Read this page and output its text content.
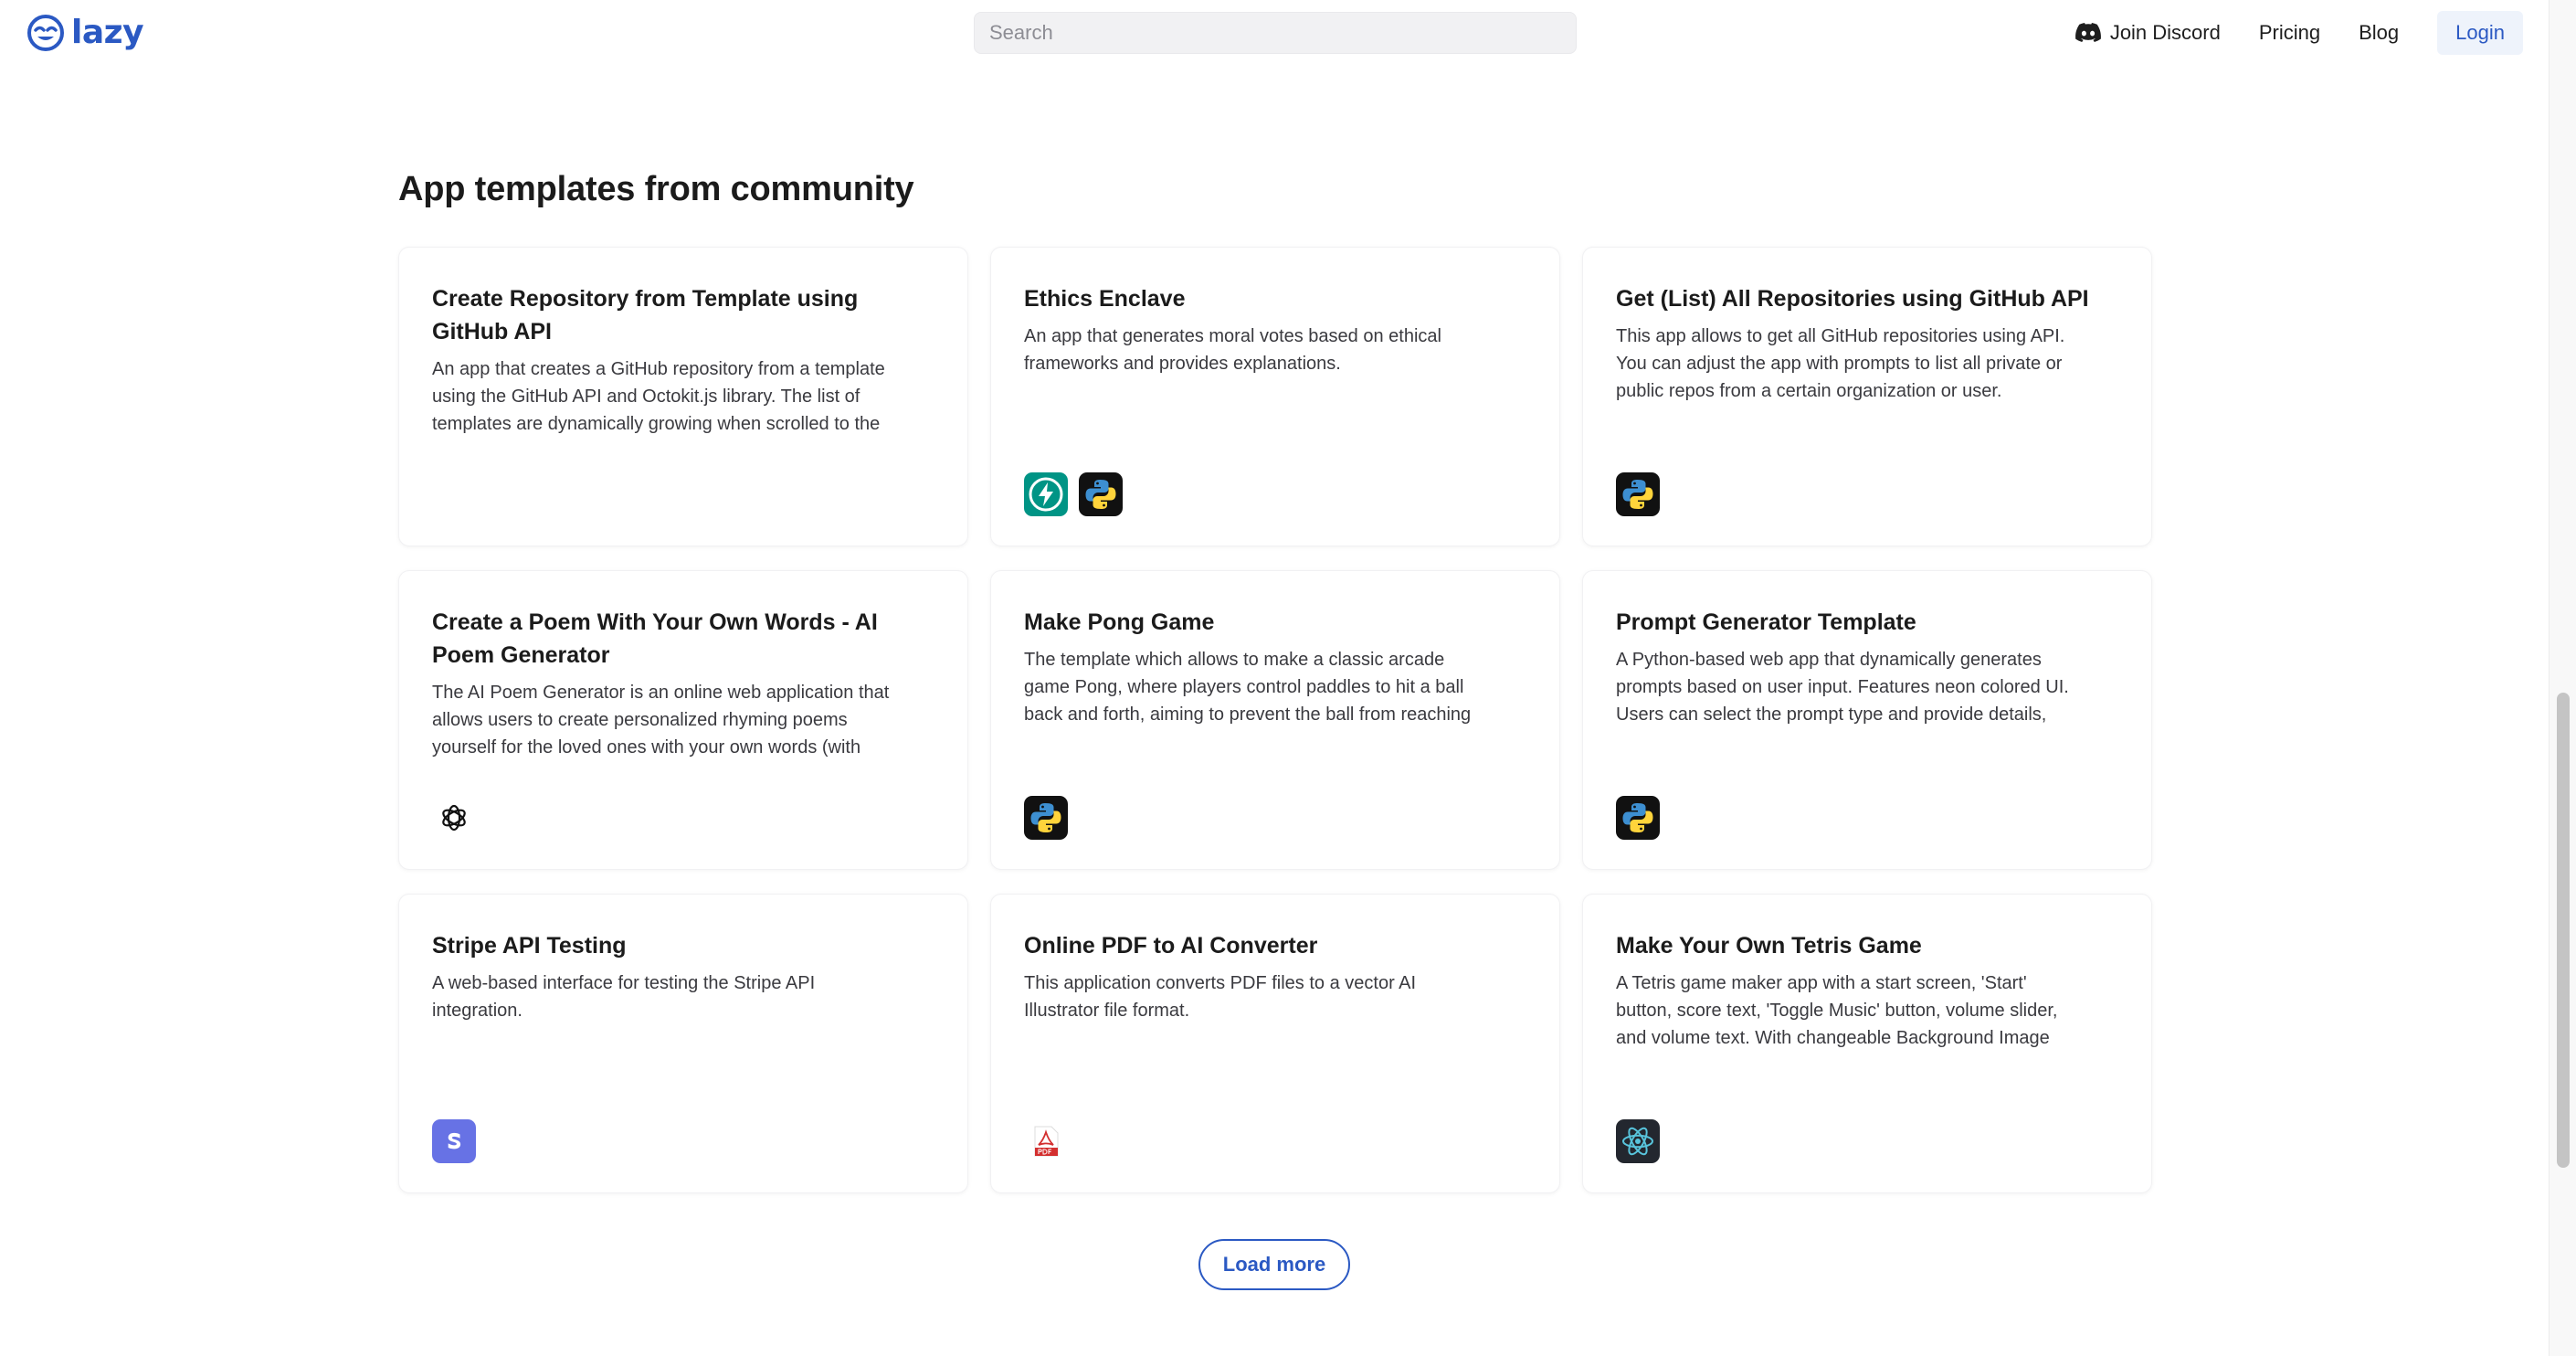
lazy
Search	Join Discord Pricing Blog	Login
App templates from community
Create Repository from Template using GitHub API

An app that creates a GitHub repository from a template using the GitHub API and Octokit.js library. The list of templates are dynamically growing when scrolled to the

Ethics Enclave

An app that generates moral votes based on ethical frameworks and provides explanations.

Get (List) All Repositories using GitHub API

This app allows to get all GitHub repositories using API. You can adjust the app with prompts to list all private or public repos from a certain organization or user.

Create a Poem With Your Own Words - AI Poem Generator

The AI Poem Generator is an online web application that allows users to create personalized rhyming poems yourself for the loved ones with your own words (with

Make Pong Game

The template which allows to make a classic arcade game Pong, where players control paddles to hit a ball back and forth, aiming to prevent the ball from reaching

Prompt Generator Template

A Python-based web app that dynamically generates prompts based on user input. Features neon colored UI. Users can select the prompt type and provide details,

Stripe API Testing

A web-based interface for testing the Stripe API integration.

Online PDF to AI Converter

This application converts PDF files to a vector AI Illustrator file format.

Make Your Own Tetris Game

A Tetris game maker app with a start screen, 'Start' button, score text, 'Toggle Music' button, volume slider, and volume text. With changeable Background Image

Load more
